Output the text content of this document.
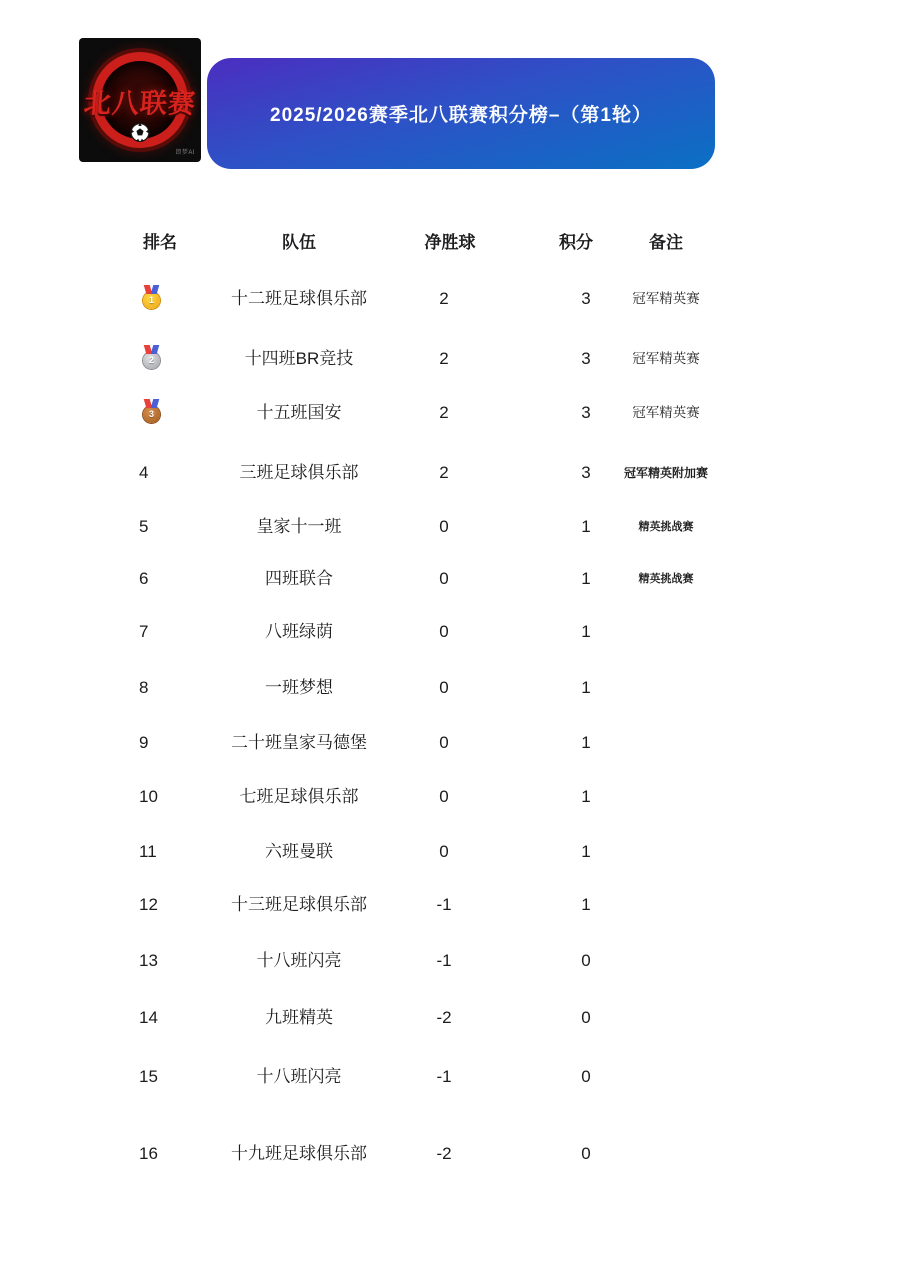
北八联赛
即梦AI
2025/2026赛季北八联赛积分榜–（第1轮）
排名	队伍	净胜球	积分	备注
1	十二班足球俱乐部	2	3	冠军精英赛
2	十四班BR竞技	2	3	冠军精英赛
3	十五班国安	2	3	冠军精英赛
4	三班足球俱乐部	2	3	冠军精英附加赛
5	皇家十一班	0	1	精英挑战赛
6	四班联合	0	1	精英挑战赛
7	八班绿荫	0	1
8	一班梦想	0	1
9	二十班皇家马德堡	0	1
10	七班足球俱乐部	0	1
11	六班曼联	0	1
12	十三班足球俱乐部	-1	1
13	十八班闪亮	-1	0
14	九班精英	-2	0
15	十八班闪亮	-1	0
16	十九班足球俱乐部	-2	0
